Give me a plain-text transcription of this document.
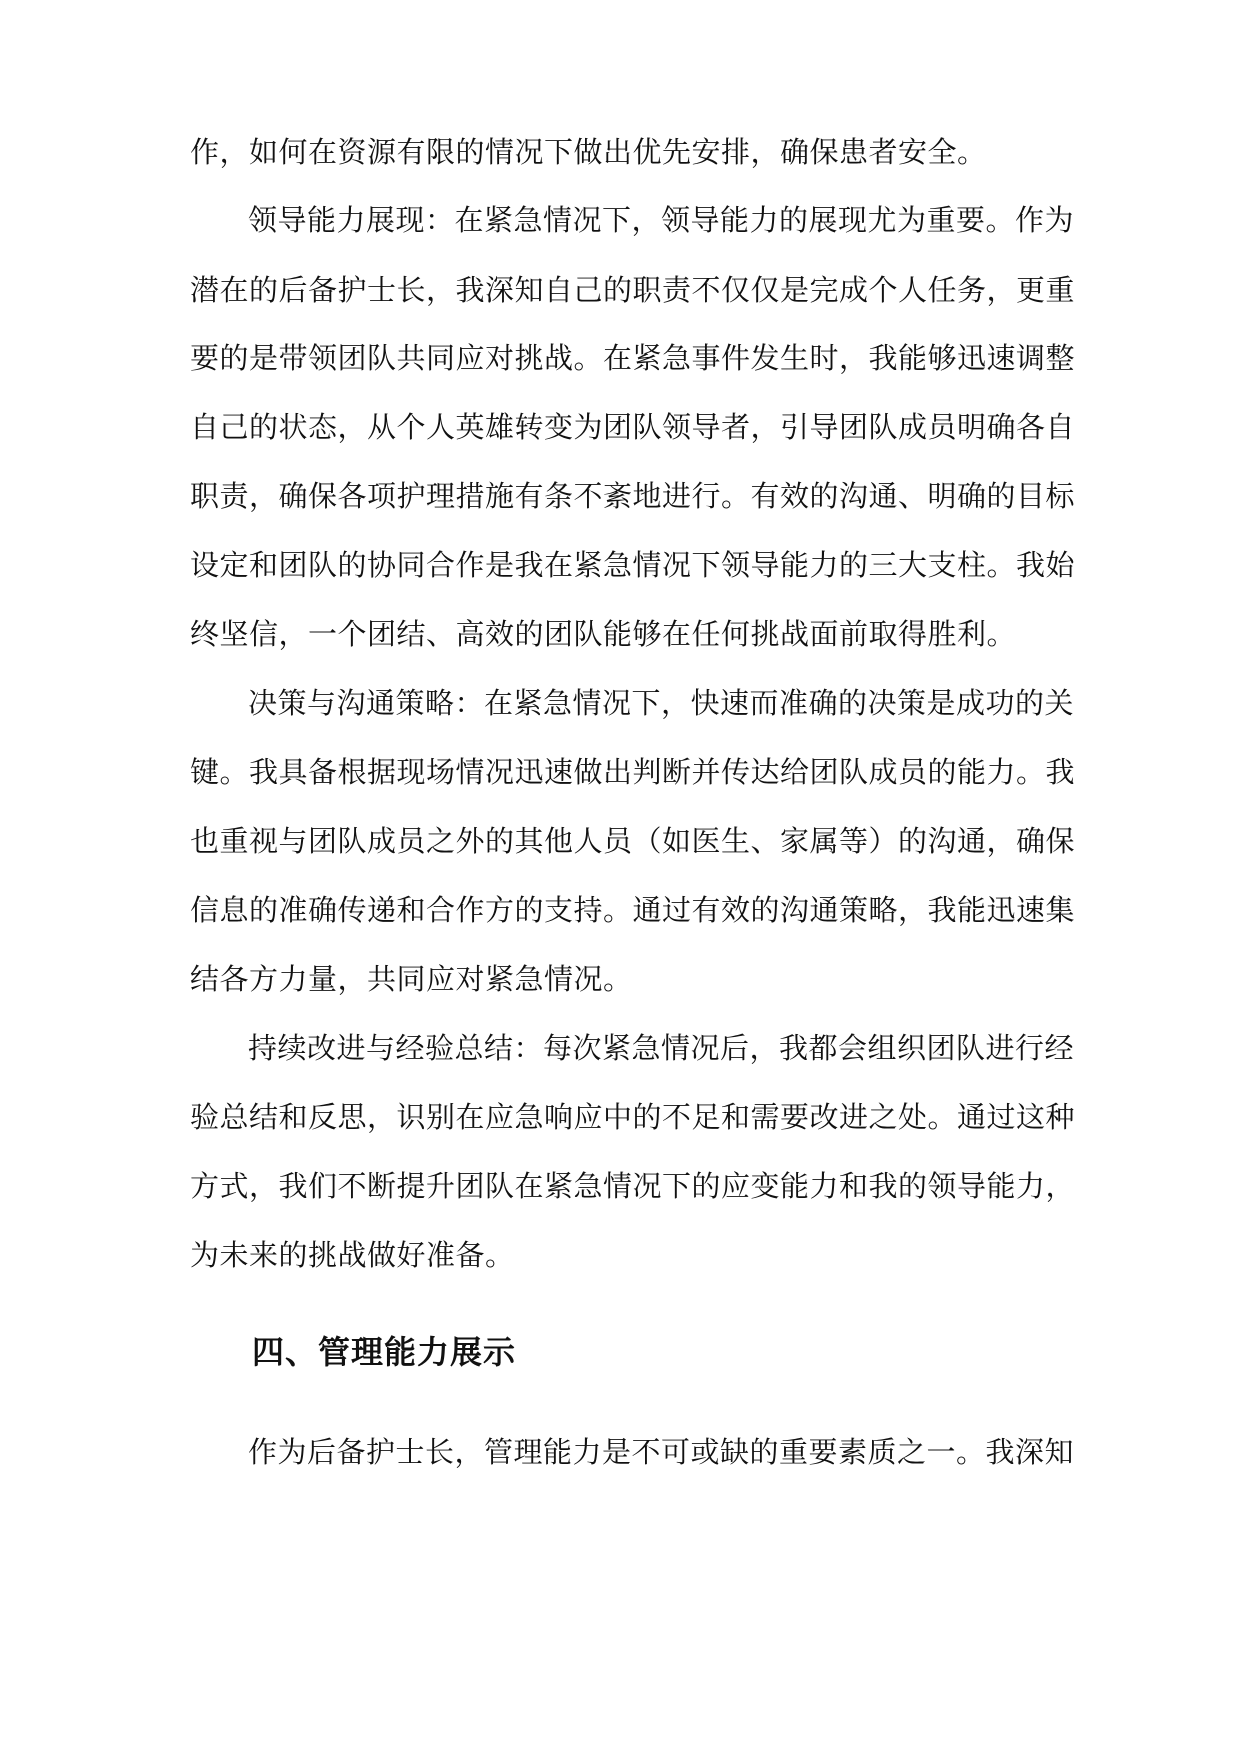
作，如何在资源有限的情况下做出优先安排，确保患者安全。
领导能力展现：在紧急情况下，领导能力的展现尤为重要。作为
潜在的后备护士长，我深知自己的职责不仅仅是完成个人任务，更重
要的是带领团队共同应对挑战。在紧急事件发生时，我能够迅速调整
自己的状态，从个人英雄转变为团队领导者，引导团队成员明确各自
职责，确保各项护理措施有条不紊地进行。有效的沟通、明确的目标
设定和团队的协同合作是我在紧急情况下领导能力的三大支柱。我始
终坚信，一个团结、高效的团队能够在任何挑战面前取得胜利。
决策与沟通策略：在紧急情况下，快速而准确的决策是成功的关
键。我具备根据现场情况迅速做出判断并传达给团队成员的能力。我
也重视与团队成员之外的其他人员（如医生、家属等）的沟通，确保
信息的准确传递和合作方的支持。通过有效的沟通策略，我能迅速集
结各方力量，共同应对紧急情况。
持续改进与经验总结：每次紧急情况后，我都会组织团队进行经
验总结和反思，识别在应急响应中的不足和需要改进之处。通过这种
方式，我们不断提升团队在紧急情况下的应变能力和我的领导能力，
为未来的挑战做好准备。
四、管理能力展示
作为后备护士长，管理能力是不可或缺的重要素质之一。我深知
